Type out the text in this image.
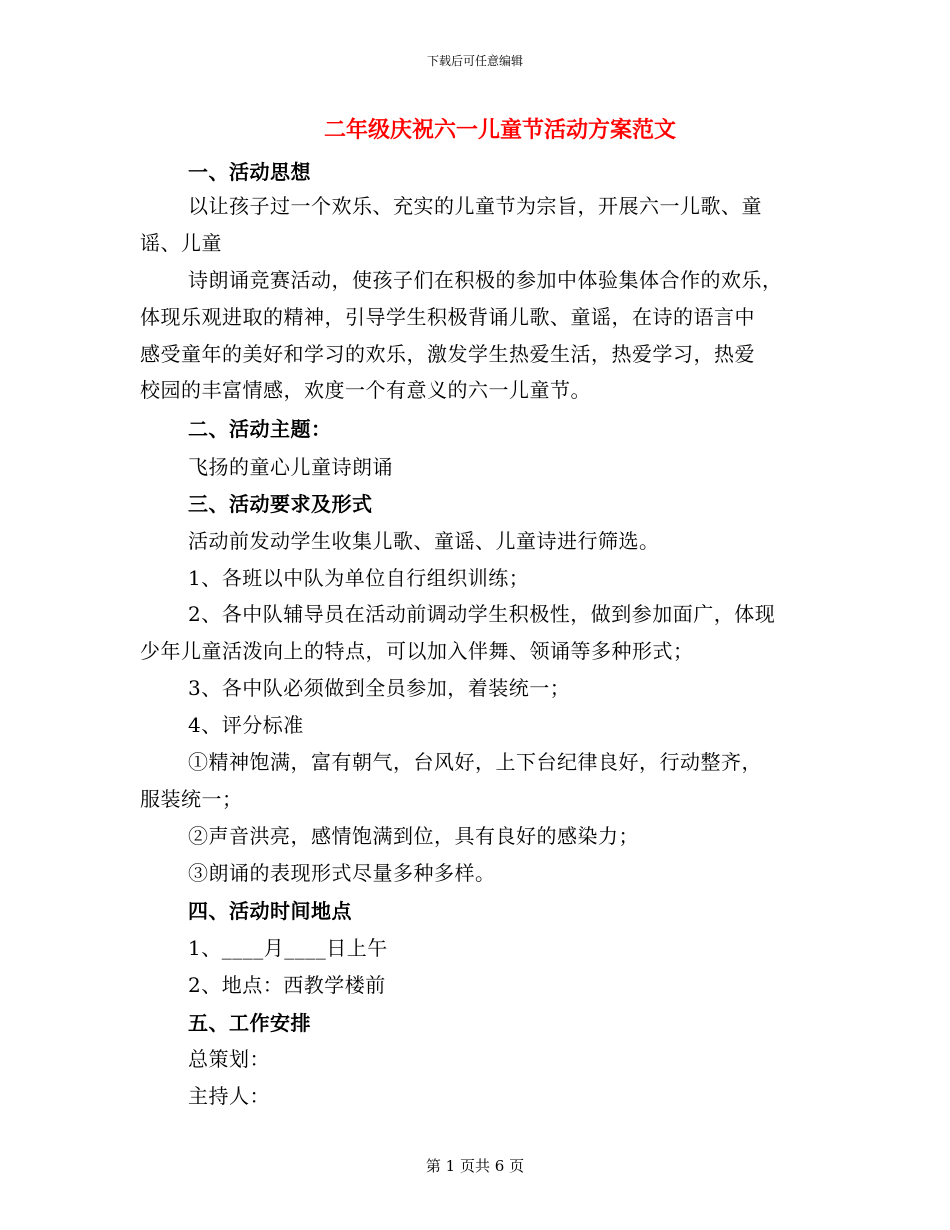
下载后可任意编辑
二年级庆祝六一儿童节活动方案范文
一、活动思想
以让孩子过一个欢乐、充实的儿童节为宗旨，开展六一儿歌、童
谣、儿童
诗朗诵竞赛活动，使孩子们在积极的参加中体验集体合作的欢乐，
体现乐观进取的精神，引导学生积极背诵儿歌、童谣，在诗的语言中
感受童年的美好和学习的欢乐，激发学生热爱生活，热爱学习，热爱
校园的丰富情感，欢度一个有意义的六一儿童节。
二、活动主题：
飞扬的童心儿童诗朗诵
三、活动要求及形式
活动前发动学生收集儿歌、童谣、儿童诗进行筛选。
1、各班以中队为单位自行组织训练；
2、各中队辅导员在活动前调动学生积极性，做到参加面广，体现
少年儿童活泼向上的特点，可以加入伴舞、领诵等多种形式；
3、各中队必须做到全员参加，着装统一；
4、评分标准
①精神饱满，富有朝气，台风好，上下台纪律良好，行动整齐，
服装统一；
②声音洪亮，感情饱满到位，具有良好的感染力；
③朗诵的表现形式尽量多种多样。
四、活动时间地点
1、____月____日上午
2、地点：西教学楼前
五、工作安排
总策划：
主持人：
第 1 页共 6 页
